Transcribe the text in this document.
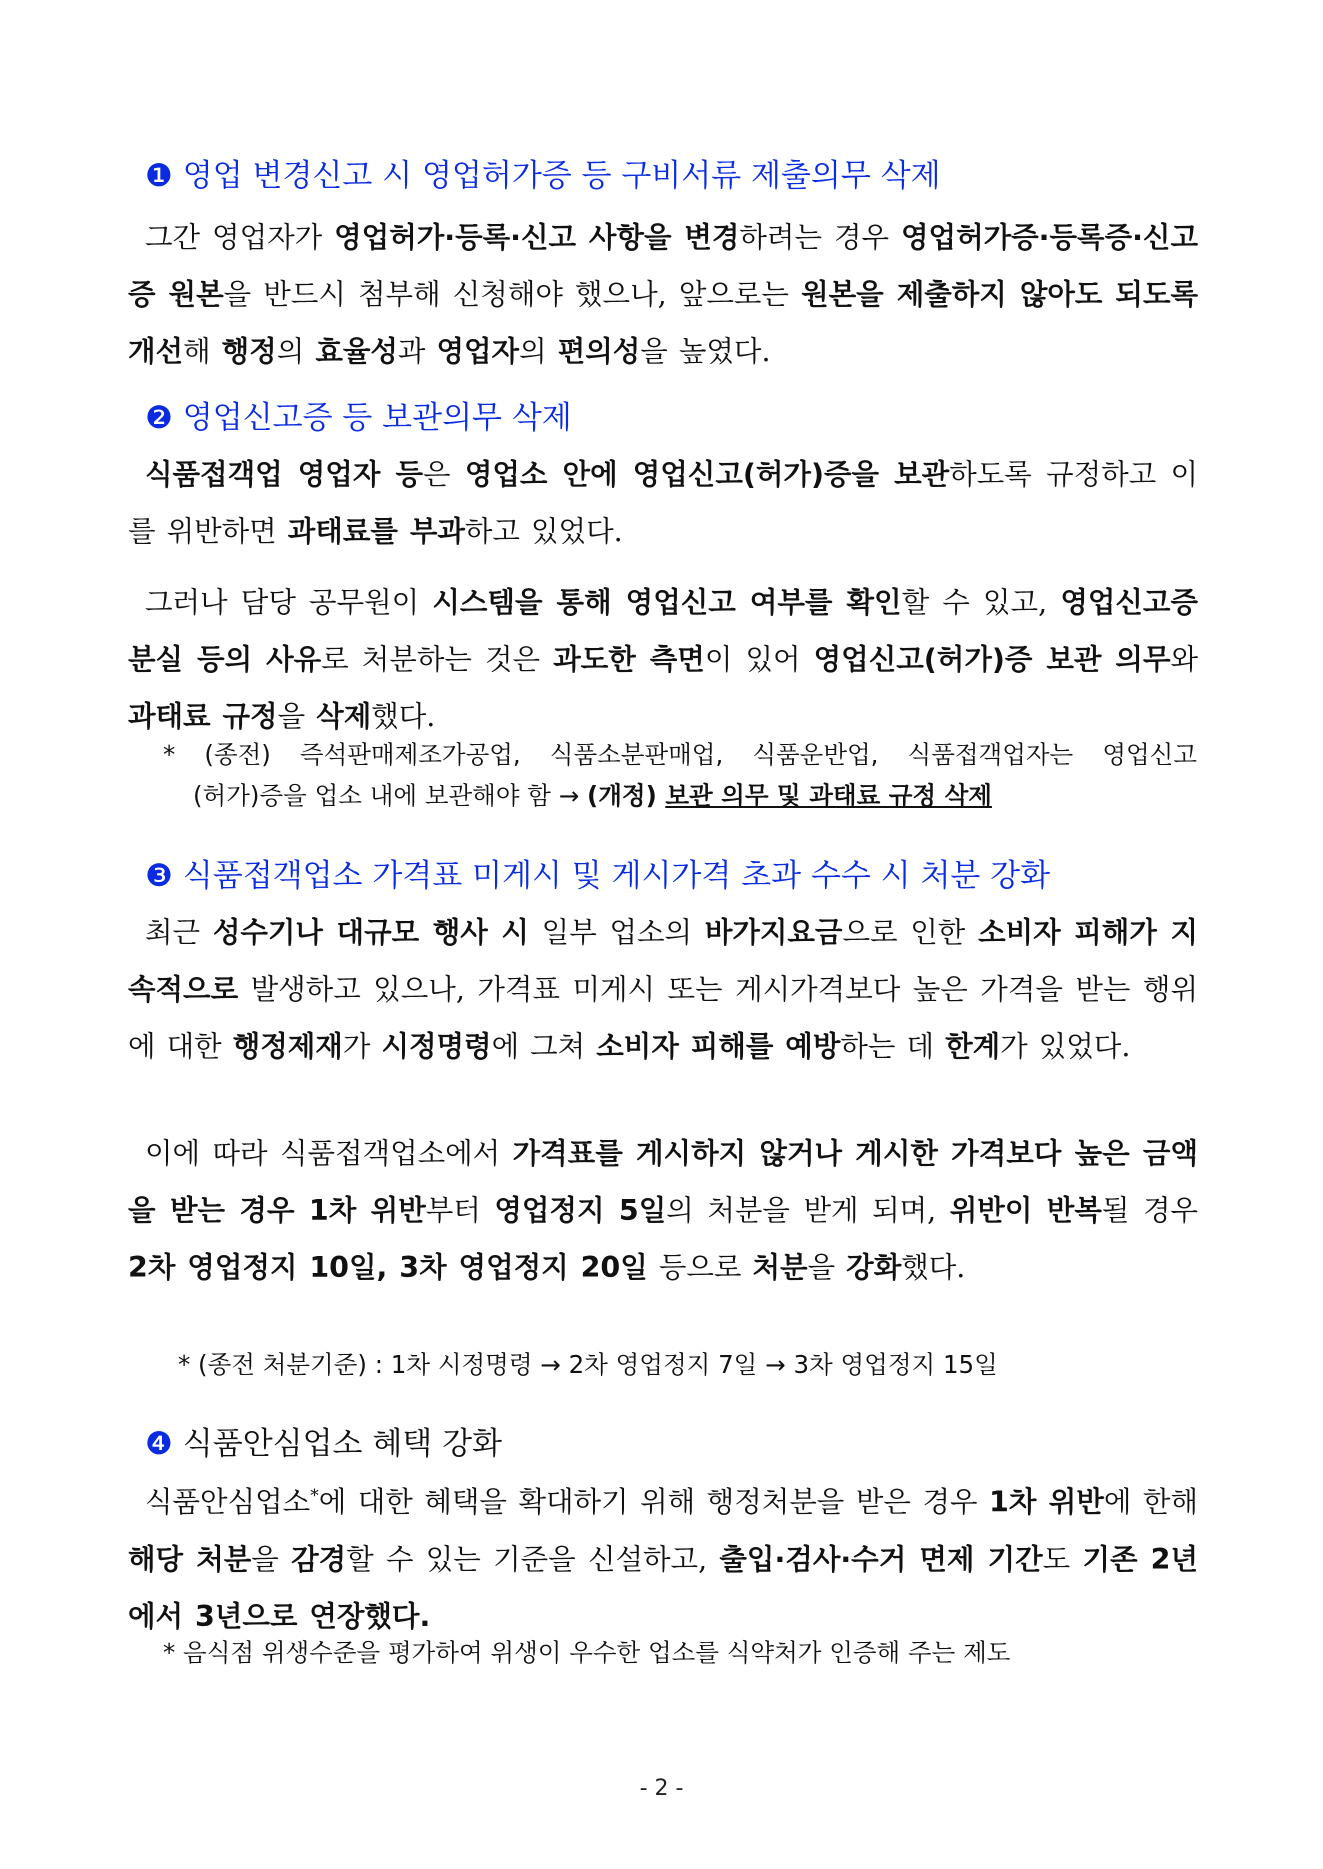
❶ 영업 변경신고 시 영업허가증 등 구비서류 제출의무 삭제
그간 영업자가 영업허가·등록·신고 사항을 변경하려는 경우 영업허가증·등록증·신고증 원본을 반드시 첨부해 신청해야 했으나, 앞으로는 원본을 제출하지 않아도 되도록 개선해 행정의 효율성과 영업자의 편의성을 높였다.
❷ 영업신고증 등 보관의무 삭제
식품접객업 영업자 등은 영업소 안에 영업신고(허가)증을 보관하도록 규정하고 이를 위반하면 과태료를 부과하고 있었다.
그러나 담당 공무원이 시스템을 통해 영업신고 여부를 확인할 수 있고, 영업신고증 분실 등의 사유로 처분하는 것은 과도한 측면이 있어 영업신고(허가)증 보관 의무와 과태료 규정을 삭제했다.
* (종전) 즉석판매제조가공업, 식품소분판매업, 식품운반업, 식품접객업자는 영업신고
(허가)증을 업소 내에 보관해야 함 → (개정) 보관 의무 및 과태료 규정 삭제
❸ 식품접객업소 가격표 미게시 및 게시가격 초과 수수 시 처분 강화
최근 성수기나 대규모 행사 시 일부 업소의 바가지요금으로 인한 소비자 피해가 지속적으로 발생하고 있으나, 가격표 미게시 또는 게시가격보다 높은 가격을 받는 행위에 대한 행정제재가 시정명령에 그쳐 소비자 피해를 예방하는 데 한계가 있었다.
이에 따라 식품접객업소에서 가격표를 게시하지 않거나 게시한 가격보다 높은 금액을 받는 경우 1차 위반부터 영업정지 5일의 처분을 받게 되며, 위반이 반복될 경우 2차 영업정지 10일, 3차 영업정지 20일 등으로 처분을 강화했다.
* (종전 처분기준) : 1차 시정명령 → 2차 영업정지 7일 → 3차 영업정지 15일
❹ 식품안심업소 혜택 강화
식품안심업소*에 대한 혜택을 확대하기 위해 행정처분을 받은 경우 1차 위반에 한해 해당 처분을 감경할 수 있는 기준을 신설하고, 출입·검사·수거 면제 기간도 기존 2년에서 3년으로 연장했다.
* 음식점 위생수준을 평가하여 위생이 우수한 업소를 식약처가 인증해 주는 제도
- 2 -
